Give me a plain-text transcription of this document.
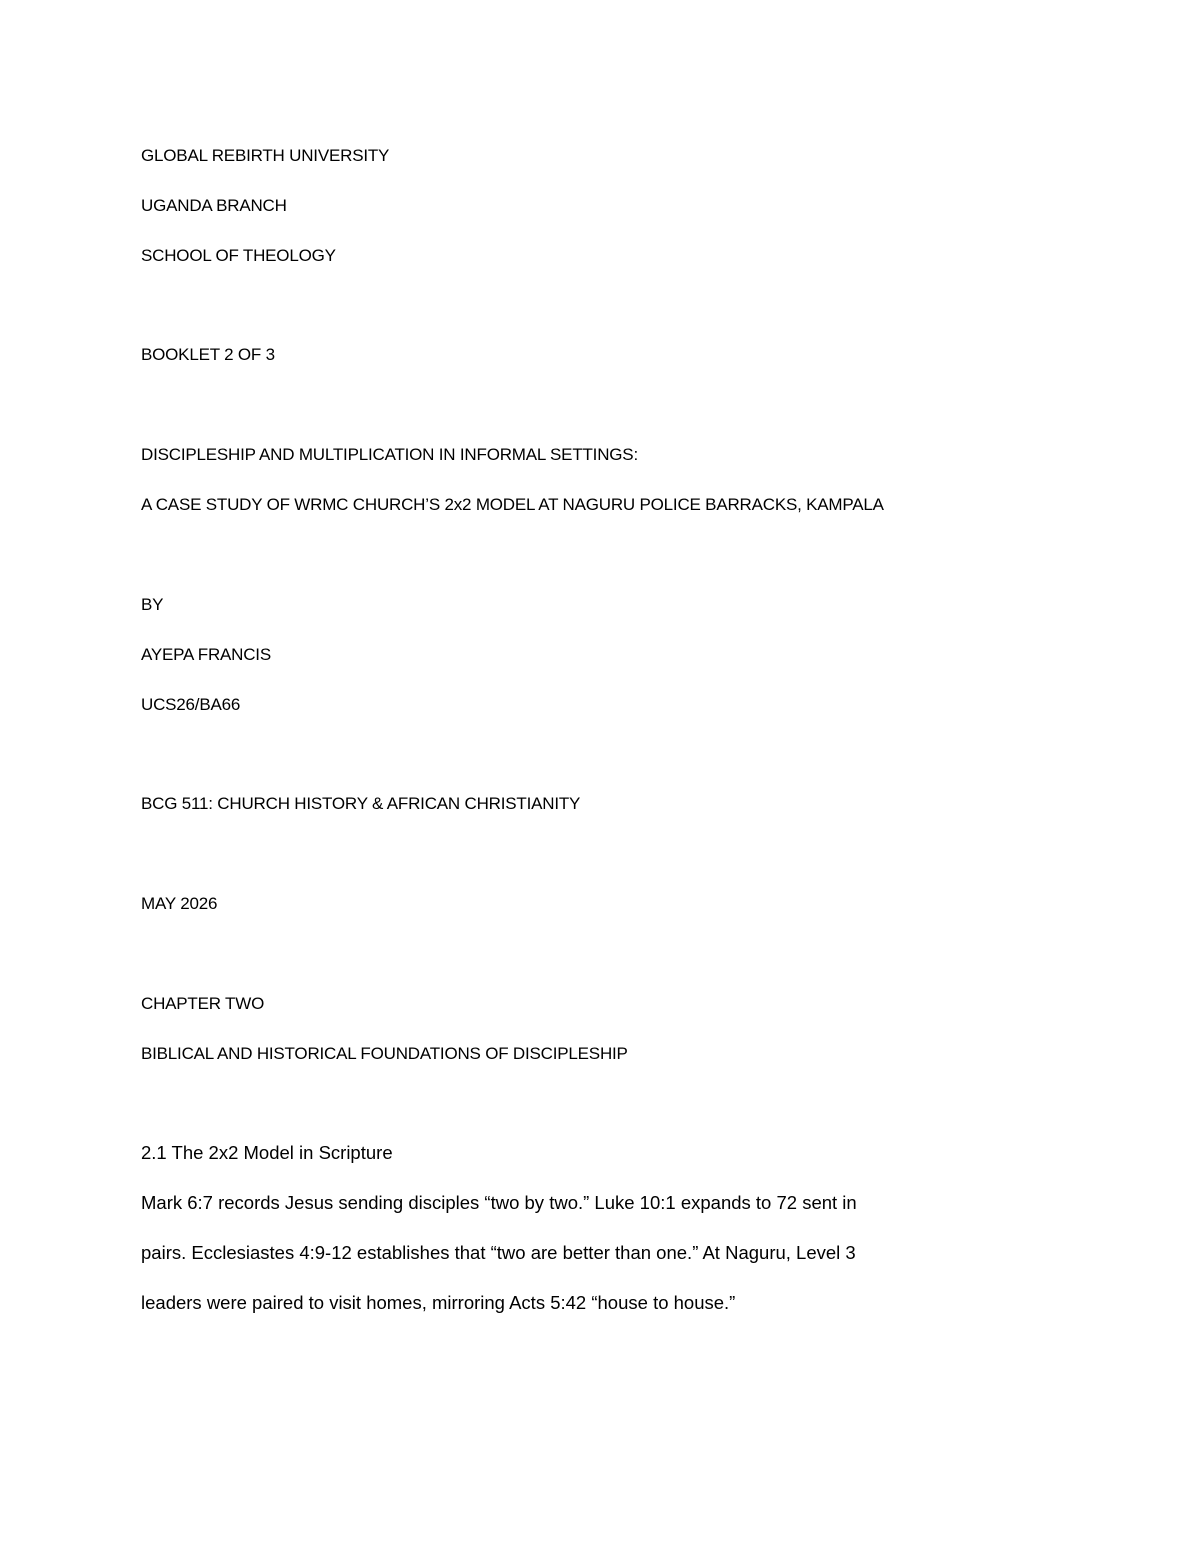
GLOBAL REBIRTH UNIVERSITY
UGANDA BRANCH
SCHOOL OF THEOLOGY
BOOKLET 2 OF 3
DISCIPLESHIP AND MULTIPLICATION IN INFORMAL SETTINGS:
A CASE STUDY OF WRMC CHURCH’S 2x2 MODEL AT NAGURU POLICE BARRACKS, KAMPALA
BY
AYEPA FRANCIS
UCS26/BA66
BCG 511: CHURCH HISTORY & AFRICAN CHRISTIANITY
MAY 2026
CHAPTER TWO
BIBLICAL AND HISTORICAL FOUNDATIONS OF DISCIPLESHIP
2.1 The 2x2 Model in Scripture
Mark 6:7 records Jesus sending disciples “two by two.” Luke 10:1 expands to 72 sent in
pairs. Ecclesiastes 4:9-12 establishes that “two are better than one.” At Naguru, Level 3
leaders were paired to visit homes, mirroring Acts 5:42 “house to house.”
